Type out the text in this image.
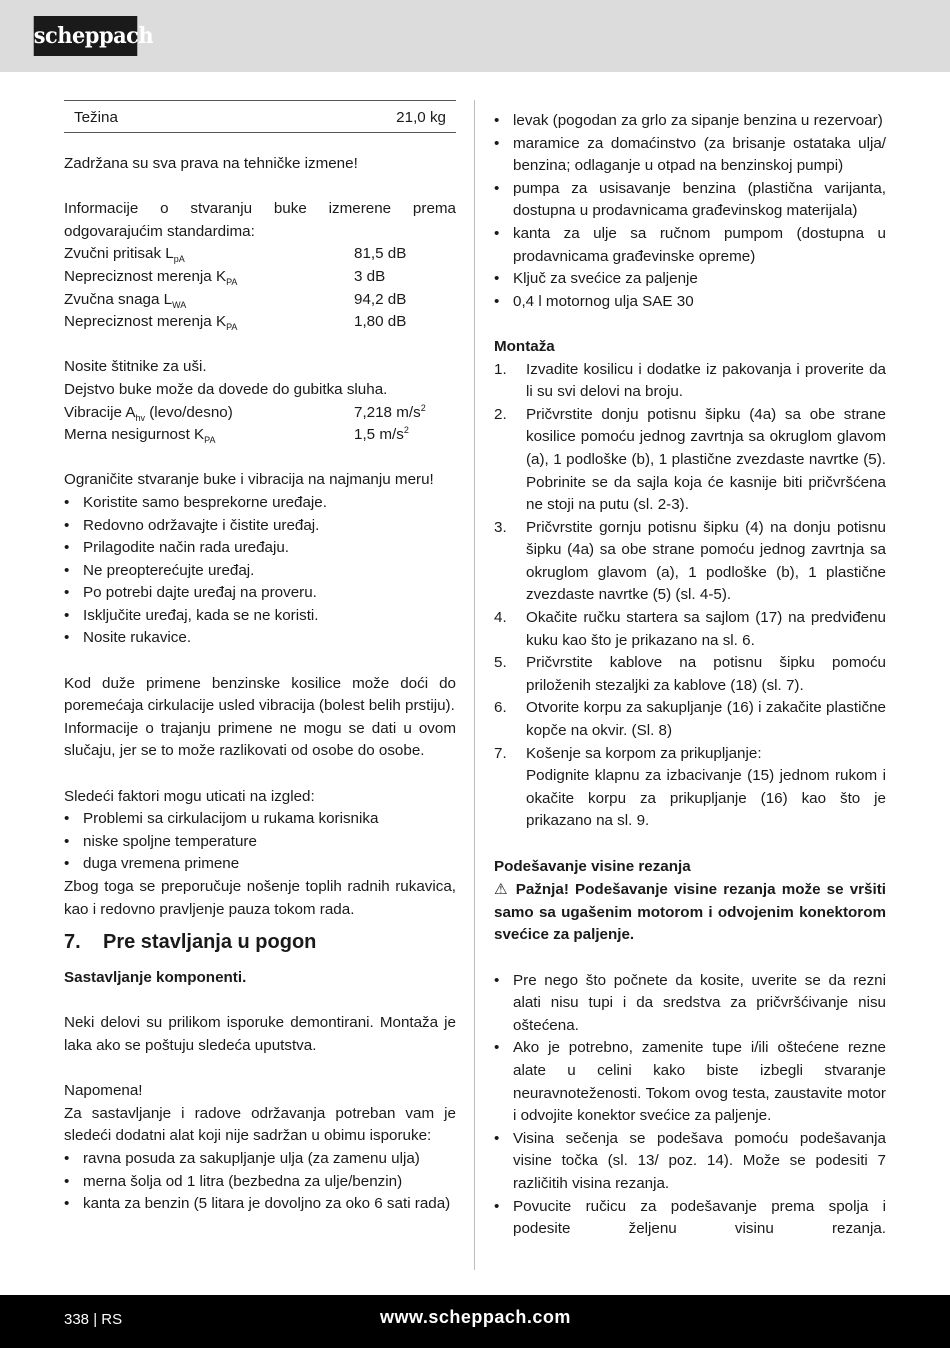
scheppach
Težina	21,0 kg

Zadržana su sva prava na tehničke izmene!

Informacije o stvaranju buke izmerene prema odgovarajućim standardima:

Zvučni pritisak $L_{pA}$	81,5 dB
Nepreciznost merenja $K_{PA}$	3 dB
Zvučna snaga $L_{WA}$	94,2 dB
Nepreciznost merenja $K_{PA}$	1,80 dB

Nosite štitnike za uši.

Dejstvo buke može da dovede do gubitka sluha.

Vibracije $A_{hv}$ (levo/desno)	7,218 $m/s^2$
Merna nesigurnost $K_{PA}$	1,5 $m/s^2$

Ograničite stvaranje buke i vibracija na najmanju meru!

• Koristite samo besprekorne uređaje.
• Redovno održavajte i čistite uređaj.
• Prilagodite način rada uređaju.
• Ne preopterećujte uređaj.
• Po potrebi dajte uređaj na proveru.
• Isključite uređaj, kada se ne koristi.
• Nosite rukavice.

Kod duže primene benzinske kosilice može doći do poremećaja cirkulacije usled vibracija (bolest belih prstiju).

Informacije o trajanju primene ne mogu se dati u ovom slučaju, jer se to može razlikovati od osobe do osobe.

Sledeći faktori mogu uticati na izgled:

• Problemi sa cirkulacijom u rukama korisnika
• niske spoljne temperature
• duga vremena primene

Zbog toga se preporučuje nošenje toplih radnih rukavica, kao i redovno pravljenje pauza tokom rada.

7.	Pre stavljanja u pogon

Sastavljanje komponenti.

Neki delovi su prilikom isporuke demontirani. Montaža je laka ako se poštuju sledeća uputstva.

Napomena!

Za sastavljanje i radove održavanja potreban vam je sledeći dodatni alat koji nije sadržan u obimu isporuke:

• ravna posuda za sakupljanje ulja (za zamenu ulja)
• merna šolja od 1 litra (bezbedna za ulje/benzin)
• kanta za benzin (5 litara je dovoljno za oko 6 sati rada)
• levak (pogodan za grlo za sipanje benzina u rezervoar)
• maramice za domaćinstvo (za brisanje ostataka ulja/ benzina; odlaganje u otpad na benzinskoj pumpi)
• pumpa za usisavanje benzina (plastična varijanta, dostupna u prodavnicama građevinskog materijala)
• kanta za ulje sa ručnom pumpom (dostupna u prodavnicama građevinske opreme)
• Ključ za svećice za paljenje
• 0,4 l motornog ulja SAE 30

Montaža

1. Izvadite kosilicu i dodatke iz pakovanja i proverite da li su svi delovi na broju.
2. Pričvrstite donju potisnu šipku (4a) sa obe strane kosilice pomoću jednog zavrtnja sa okruglom glavom (a), 1 podloške (b), 1 plastične zvezdaste navrtke (5). Pobrinite se da sajla koja će kasnije biti pričvršćena ne stoji na putu (sl. 2-3).
3. Pričvrstite gornju potisnu šipku (4) na donju potisnu šipku (4a) sa obe strane pomoću jednog zavrtnja sa okruglom glavom (a), 1 podloške (b), 1 plastične zvezdaste navrtke (5) (sl. 4-5).
4. Okačite ručku startera sa sajlom (17) na predviđenu kuku kao što je prikazano na sl. 6.
5. Pričvrstite kablove na potisnu šipku pomoću priloženih stezaljki za kablove (18) (sl. 7).
6. Otvorite korpu za sakupljanje (16) i zakačite plastične kopče na okvir. (Sl. 8)
7. Košenje sa korpom za prikupljanje:
Podignite klapnu za izbacivanje (15) jednom rukom i okačite korpu za prikupljanje (16) kao što je prikazano na sl. 9.

Podešavanje visine rezanja

⚠ Pažnja! Podešavanje visine rezanja može se vršiti samo sa ugašenim motorom i odvojenim konektorom svećice za paljenje.

• Pre nego što počnete da kosite, uverite se da rezni alati nisu tupi i da sredstva za pričvršćivanje nisu oštećena.
• Ako je potrebno, zamenite tupe i/ili oštećene rezne alate u celini kako biste izbegli stvaranje neuravnoteženosti. Tokom ovog testa, zaustavite motor i odvojite konektor svećice za paljenje.
• Visina sečenja se podešava pomoću podešavanja visine točka (sl. 13/ poz. 14). Može se podesiti 7 različitih visina rezanja.
• Povucite ručicu za podešavanje prema spolja i podesite željenu visinu rezanja.
338 | RS	www.scheppach.com
